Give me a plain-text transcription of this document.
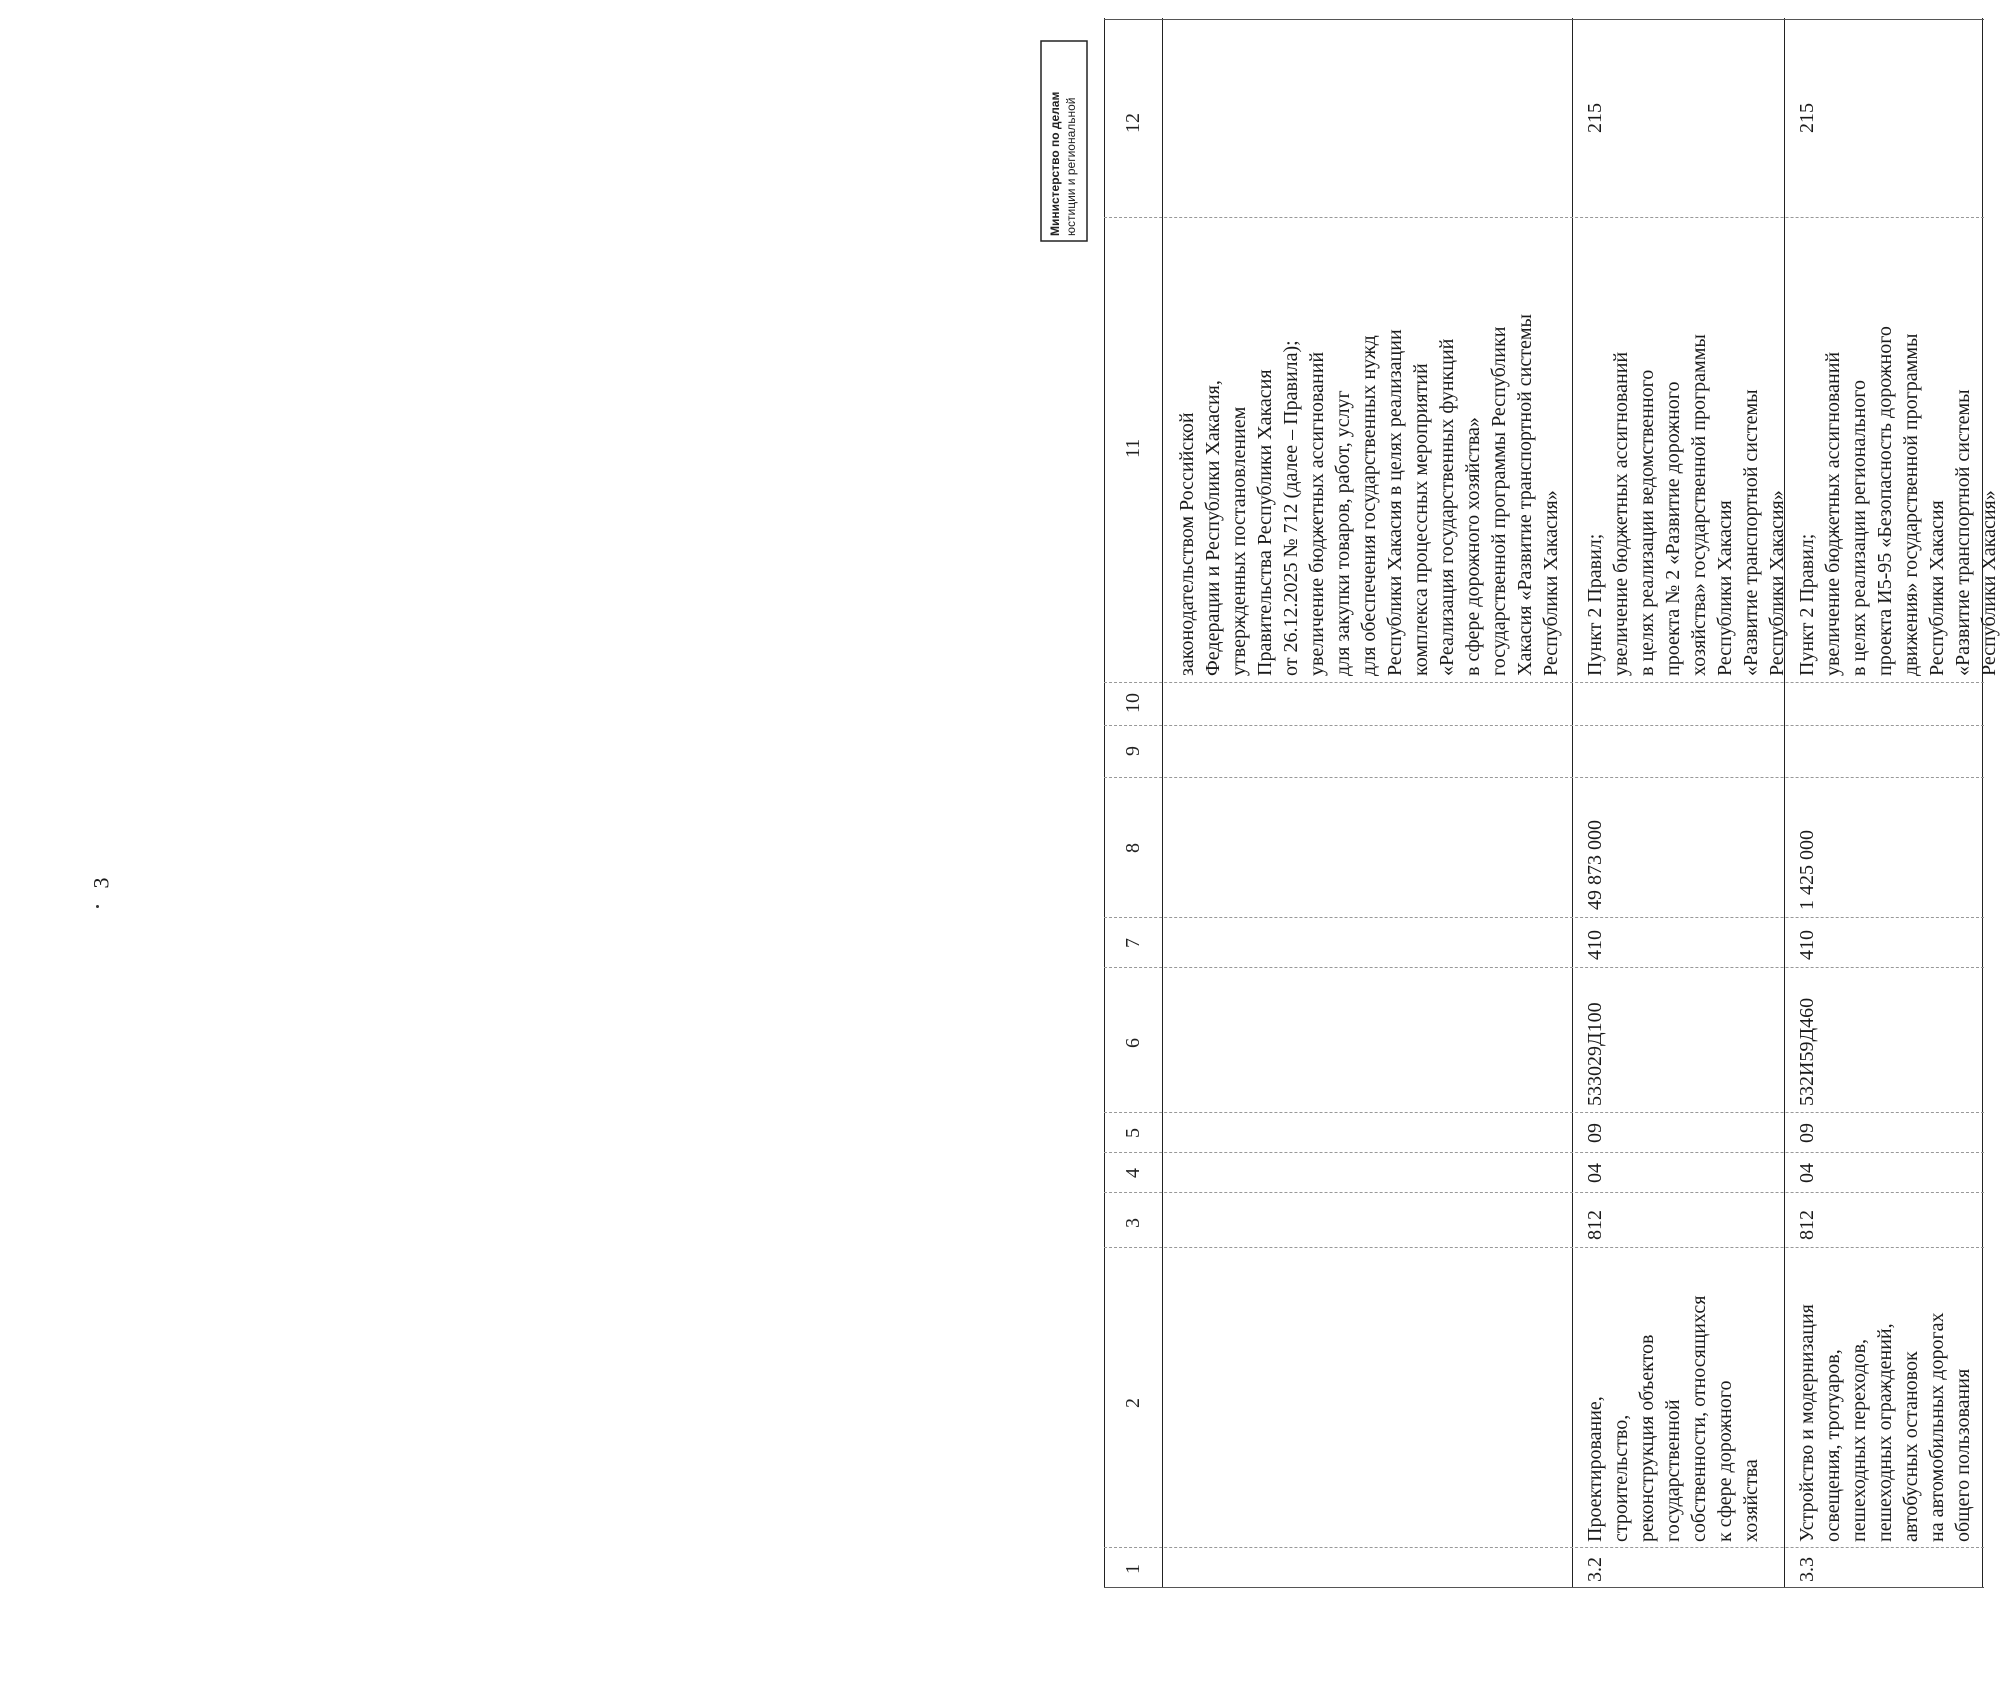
3
1
2
3
4
5
6
7
8
9
10
11
12
законодательством Российской
Федерации и Республики Хакасия,
утвержденных постановлением
Правительства Республики Хакасия
от 26.12.2025 № 712 (далее – Правила);
увеличение бюджетных ассигнований
для закупки товаров, работ, услуг
для обеспечения государственных нужд
Республики Хакасия в целях реализации
комплекса процессных мероприятий
«Реализация государственных функций
в сфере дорожного хозяйства»
государственной программы Республики
Хакасия «Развитие транспортной системы
Республики Хакасия»
3.2
Проектирование,
строительство,
реконструкция объектов
государственной
собственности, относящихся
к сфере дорожного
хозяйства
812
04
09
533029Д100
410
49 873 000
Пункт 2 Правил;
увеличение бюджетных ассигнований
в целях реализации ведомственного
проекта № 2 «Развитие дорожного
хозяйства» государственной программы
Республики Хакасия
«Развитие транспортной системы
Республики Хакасия»
215
3.3
Устройство и модернизация
освещения, тротуаров,
пешеходных переходов,
пешеходных ограждений,
автобусных остановок
на автомобильных дорогах
общего пользования
812
04
09
532И59Д460
410
1 425 000
Пункт 2 Правил;
увеличение бюджетных ассигнований
в целях реализации регионального
проекта И5-95 «Безопасность дорожного
движения» государственной программы
Республики Хакасия
«Развитие транспортной системы
Республики Хакасия»
215
Министерство по делам юстиции и региональной
